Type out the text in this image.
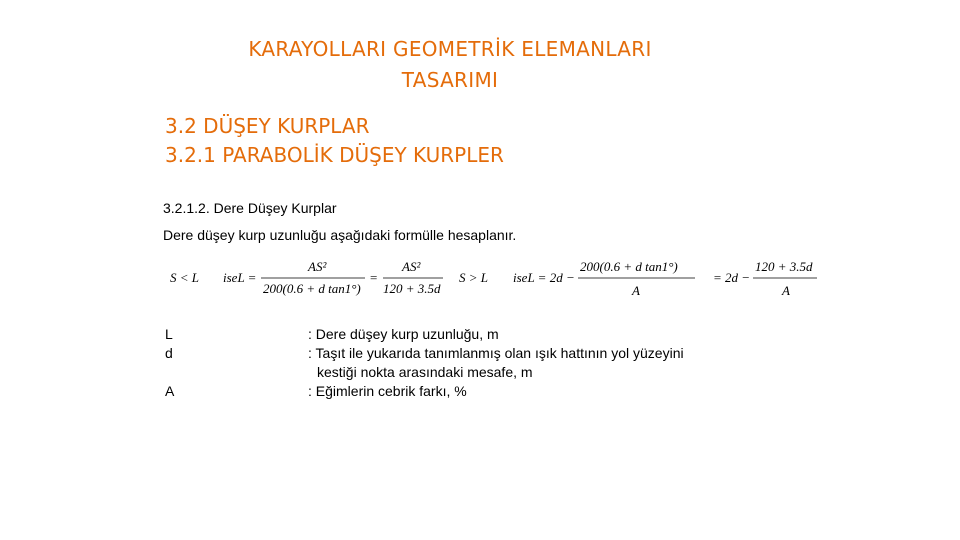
KARAYOLLARI GEOMETRİK ELEMANLARI
TASARIMI
3.2 DÜŞEY KURPLAR
3.2.1 PARABOLİK DÜŞEY KURPLER
3.2.1.2. Dere Düşey Kurplar
Dere düşey kurp uzunluğu aşağıdaki formülle hesaplanır.
S < L iseL =
AS²
200(0.6 + d tan1°)
=
AS²
120 + 3.5d
S > L iseL = 2d −
200(0.6 + d tan1°)
A
= 2d −
120 + 3.5d
A
L	: Dere düşey kurp uzunluğu, m
d	: Taşıt ile yukarıda tanımlanmış olan ışık hattının yol yüzeyini
kestiği nokta arasındaki mesafe, m
A	: Eğimlerin cebrik farkı, %
